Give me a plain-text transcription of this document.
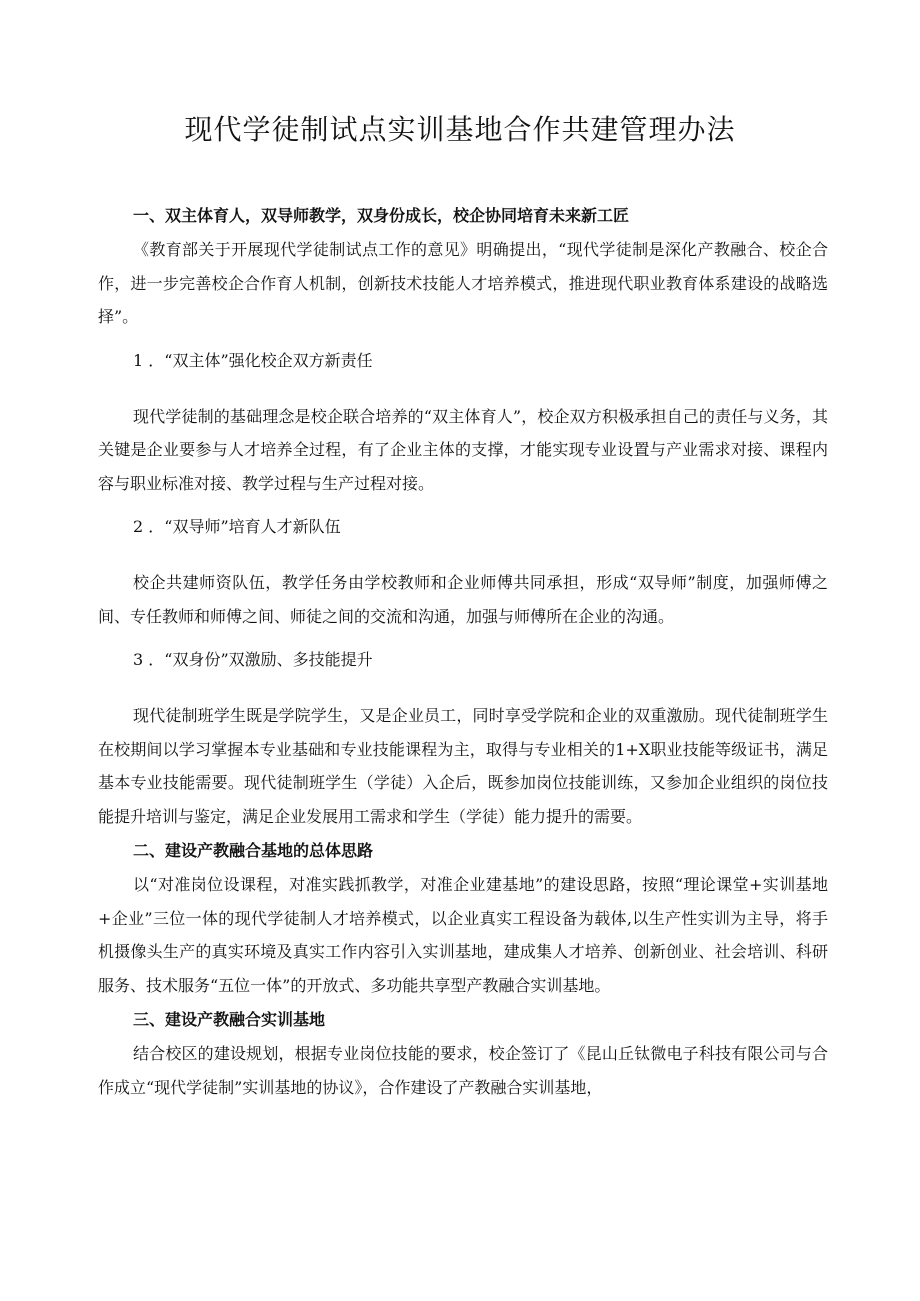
现代学徒制试点实训基地合作共建管理办法
一、双主体育人，双导师教学，双身份成长，校企协同培育未来新工匠

《教育部关于开展现代学徒制试点工作的意见》明确提出，“现代学徒制是深化产教融合、校企合作，进一步完善校企合作育人机制，创新技术技能人才培养模式，推进现代职业教育体系建设的战略选择”。

1 ．“双主体”强化校企双方新责任

现代学徒制的基础理念是校企联合培养的“双主体育人”，校企双方积极承担自己的责任与义务，其关键是企业要参与人才培养全过程，有了企业主体的支撑，才能实现专业设置与产业需求对接、课程内容与职业标准对接、教学过程与生产过程对接。

2 ．“双导师”培育人才新队伍

校企共建师资队伍，教学任务由学校教师和企业师傅共同承担，形成“双导师”制度，加强师傅之间、专任教师和师傅之间、师徒之间的交流和沟通，加强与师傅所在企业的沟通。

3 ．“双身份”双激励、多技能提升

现代徒制班学生既是学院学生，又是企业员工，同时享受学院和企业的双重激励。现代徒制班学生在校期间以学习掌握本专业基础和专业技能课程为主，取得与专业相关的1+X职业技能等级证书，满足基本专业技能需要。现代徒制班学生（学徒）入企后，既参加岗位技能训练，又参加企业组织的岗位技能提升培训与鉴定，满足企业发展用工需求和学生（学徒）能力提升的需要。

二、建设产教融合基地的总体思路

以“对准岗位设课程，对准实践抓教学，对准企业建基地”的建设思路，按照“理论课堂+实训基地+企业”三位一体的现代学徒制人才培养模式，以企业真实工程设备为载体,以生产性实训为主导，将手机摄像头生产的真实环境及真实工作内容引入实训基地，建成集人才培养、创新创业、社会培训、科研服务、技术服务“五位一体”的开放式、多功能共享型产教融合实训基地。

三、建设产教融合实训基地

结合校区的建设规划，根据专业岗位技能的要求，校企签订了《昆山丘钛微电子科技有限公司与合作成立“现代学徒制”实训基地的协议》，合作建设了产教融合实训基地，
